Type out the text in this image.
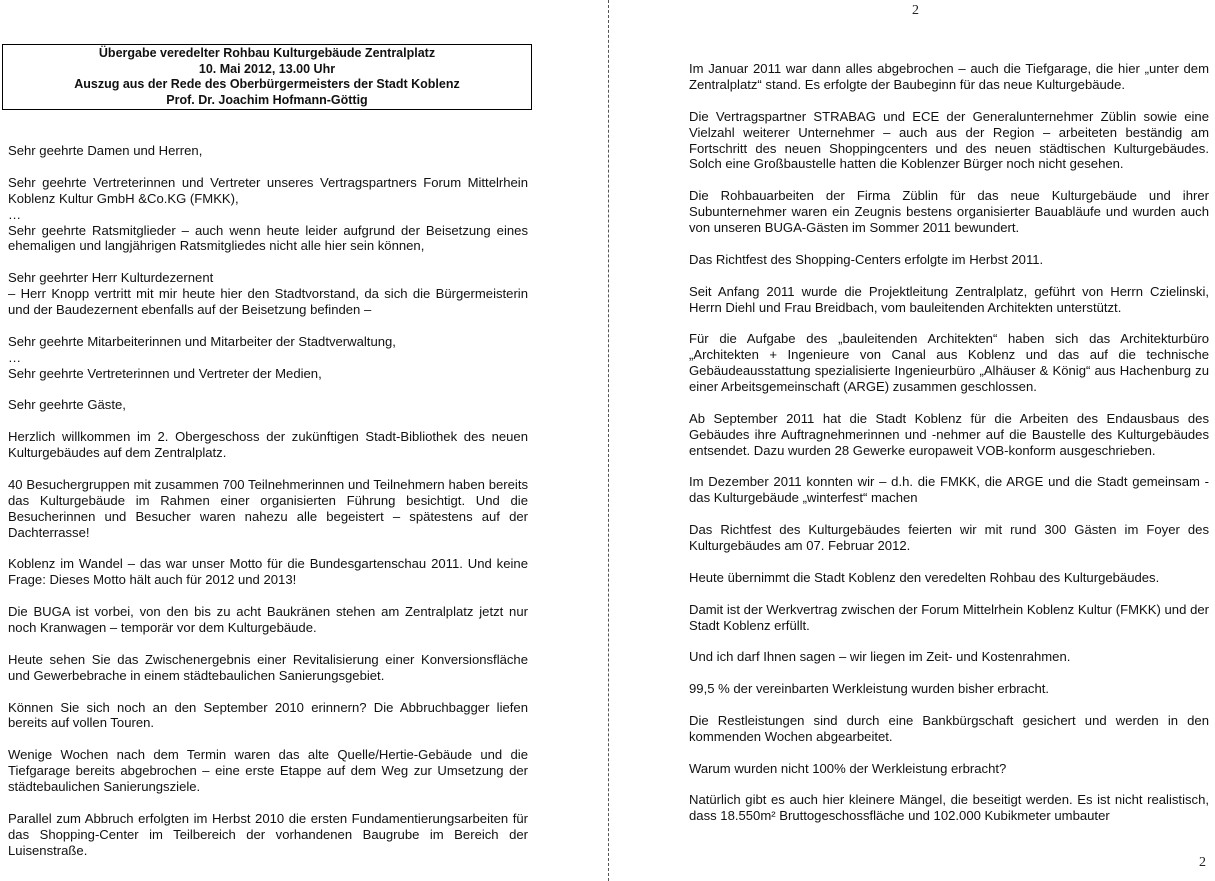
2
Übergabe veredelter Rohbau Kulturgebäude Zentralplatz
10. Mai 2012, 13.00 Uhr
Auszug aus der Rede des Oberbürgermeisters der Stadt Koblenz
Prof. Dr. Joachim Hofmann-Göttig

Sehr geehrte Damen und Herren,

Sehr geehrte Vertreterinnen und Vertreter unseres Vertragspartners Forum Mittelrhein Koblenz Kultur GmbH &Co.KG (FMKK),
…
Sehr geehrte Ratsmitglieder – auch wenn heute leider aufgrund der Beisetzung eines ehemaligen und langjährigen Ratsmitgliedes nicht alle hier sein können,

Sehr geehrter Herr Kulturdezernent
– Herr Knopp vertritt mit mir heute hier den Stadtvorstand, da sich die Bürgermeisterin und der Baudezernent ebenfalls auf der Beisetzung befinden –

Sehr geehrte Mitarbeiterinnen und Mitarbeiter der Stadtverwaltung,
…
Sehr geehrte Vertreterinnen und Vertreter der Medien,

Sehr geehrte Gäste,

Herzlich willkommen im 2. Obergeschoss der zukünftigen Stadt-Bibliothek des neuen Kulturgebäudes auf dem Zentralplatz.

40 Besuchergruppen mit zusammen 700 Teilnehmerinnen und Teilnehmern haben bereits das Kulturgebäude im Rahmen einer organisierten Führung besichtigt. Und die Besucherinnen und Besucher waren nahezu alle begeistert – spätestens auf der Dachterrasse!

Koblenz im Wandel – das war unser Motto für die Bundesgartenschau 2011. Und keine Frage: Dieses Motto hält auch für 2012 und 2013!

Die BUGA ist vorbei, von den bis zu acht Baukränen stehen am Zentralplatz jetzt nur noch Kranwagen – temporär vor dem Kulturgebäude.

Heute sehen Sie das Zwischenergebnis einer Revitalisierung einer Konversionsfläche und Gewerbebrache in einem städtebaulichen Sanierungsgebiet.

Können Sie sich noch an den September 2010 erinnern? Die Abbruchbagger liefen bereits auf vollen Touren.

Wenige Wochen nach dem Termin waren das alte Quelle/Hertie-Gebäude und die Tiefgarage bereits abgebrochen – eine erste Etappe auf dem Weg zur Umsetzung der städtebaulichen Sanierungsziele.

Parallel zum Abbruch erfolgten im Herbst 2010 die ersten Fundamentierungsarbeiten für das Shopping-Center im Teilbereich der vorhandenen Baugrube im Bereich der Luisenstraße.

Im Januar 2011 war dann alles abgebrochen – auch die Tiefgarage, die hier „unter dem Zentralplatz“ stand. Es erfolgte der Baubeginn für das neue Kulturgebäude.

Die Vertragspartner STRABAG und ECE der Generalunternehmer Züblin sowie eine Vielzahl weiterer Unternehmer – auch aus der Region – arbeiteten beständig am Fortschritt des neuen Shoppingcenters und des neuen städtischen Kulturgebäudes. Solch eine Großbaustelle hatten die Koblenzer Bürger noch nicht gesehen.

Die Rohbauarbeiten der Firma Züblin für das neue Kulturgebäude und ihrer Subunternehmer waren ein Zeugnis bestens organisierter Bauabläufe und wurden auch von unseren BUGA-Gästen im Sommer 2011 bewundert.

Das Richtfest des Shopping-Centers erfolgte im Herbst 2011.

Seit Anfang 2011 wurde die Projektleitung Zentralplatz, geführt von Herrn Czielinski, Herrn Diehl und Frau Breidbach, vom bauleitenden Architekten unterstützt.

Für die Aufgabe des „bauleitenden Architekten“ haben sich das Architekturbüro „Architekten + Ingenieure von Canal aus Koblenz und das auf die technische Gebäudeausstattung spezialisierte Ingenieurbüro „Alhäuser & König“ aus Hachenburg zu einer Arbeitsgemeinschaft (ARGE) zusammen geschlossen.

Ab September 2011 hat die Stadt Koblenz für die Arbeiten des Endausbaus des Gebäudes ihre Auftragnehmerinnen und -nehmer auf die Baustelle des Kulturgebäudes entsendet. Dazu wurden 28 Gewerke europaweit VOB-konform ausgeschrieben.

Im Dezember 2011 konnten wir – d.h. die FMKK, die ARGE und die Stadt gemeinsam - das Kulturgebäude „winterfest“ machen

Das Richtfest des Kulturgebäudes feierten wir mit rund 300 Gästen im Foyer des Kulturgebäudes am 07. Februar 2012.

Heute übernimmt die Stadt Koblenz den veredelten Rohbau des Kulturgebäudes.

Damit ist der Werkvertrag zwischen der Forum Mittelrhein Koblenz Kultur (FMKK) und der Stadt Koblenz erfüllt.

Und ich darf Ihnen sagen – wir liegen im Zeit- und Kostenrahmen.

99,5 % der vereinbarten Werkleistung wurden bisher erbracht.

Die Restleistungen sind durch eine Bankbürgschaft gesichert und werden in den kommenden Wochen abgearbeitet.

Warum wurden nicht 100% der Werkleistung erbracht?

Natürlich gibt es auch hier kleinere Mängel, die beseitigt werden. Es ist nicht realistisch, dass 18.550m² Bruttogeschossfläche und 102.000 Kubikmeter umbauter

2
